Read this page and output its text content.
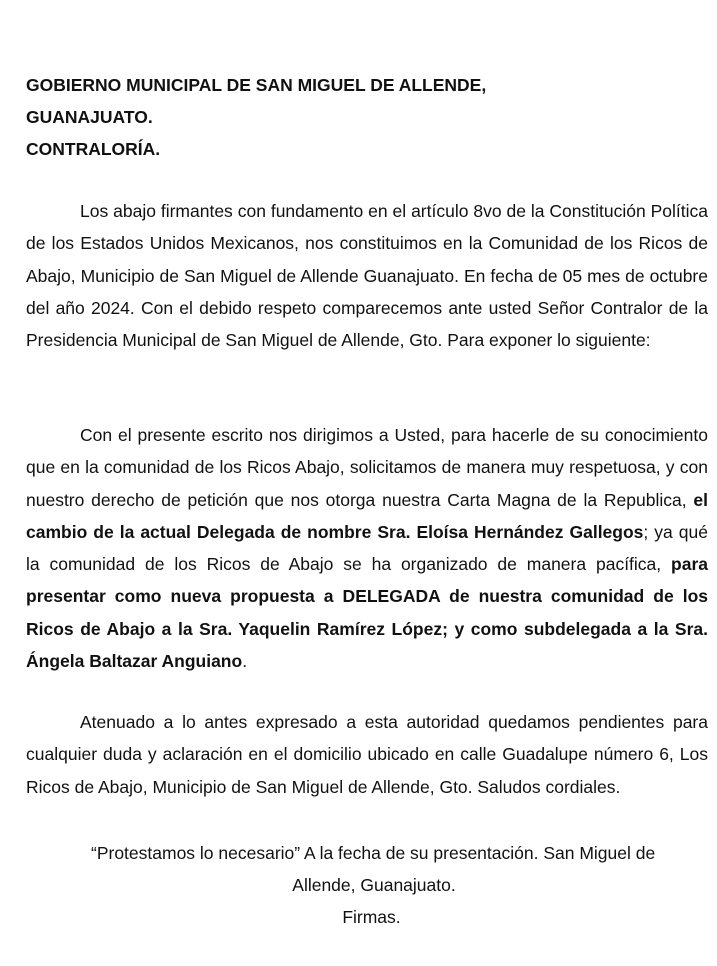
GOBIERNO MUNICIPAL DE SAN MIGUEL DE ALLENDE,
GUANAJUATO.
CONTRALORÍA.

Los abajo firmantes con fundamento en el artículo 8vo de la Constitución Política de los Estados Unidos Mexicanos, nos constituimos en la Comunidad de los Ricos de Abajo, Municipio de San Miguel de Allende Guanajuato. En fecha de 05 mes de octubre del año 2024. Con el debido respeto comparecemos ante usted Señor Contralor de la Presidencia Municipal de San Miguel de Allende, Gto. Para exponer lo siguiente:

Con el presente escrito nos dirigimos a Usted, para hacerle de su conocimiento que en la comunidad de los Ricos Abajo, solicitamos de manera muy respetuosa, y con nuestro derecho de petición que nos otorga nuestra Carta Magna de la Republica, el cambio de la actual Delegada de nombre Sra. Eloísa Hernández Gallegos; ya qué la comunidad de los Ricos de Abajo se ha organizado de manera pacífica, para presentar como nueva propuesta a DELEGADA de nuestra comunidad de los Ricos de Abajo a la Sra. Yaquelin Ramírez López; y como subdelegada a la Sra. Ángela Baltazar Anguiano.

Atenuado a lo antes expresado a esta autoridad quedamos pendientes para cualquier duda y aclaración en el domicilio ubicado en calle Guadalupe número 6, Los Ricos de Abajo, Municipio de San Miguel de Allende, Gto. Saludos cordiales.

“Protestamos lo necesario” A la fecha de su presentación. San Miguel de
Allende, Guanajuato.
Firmas.
